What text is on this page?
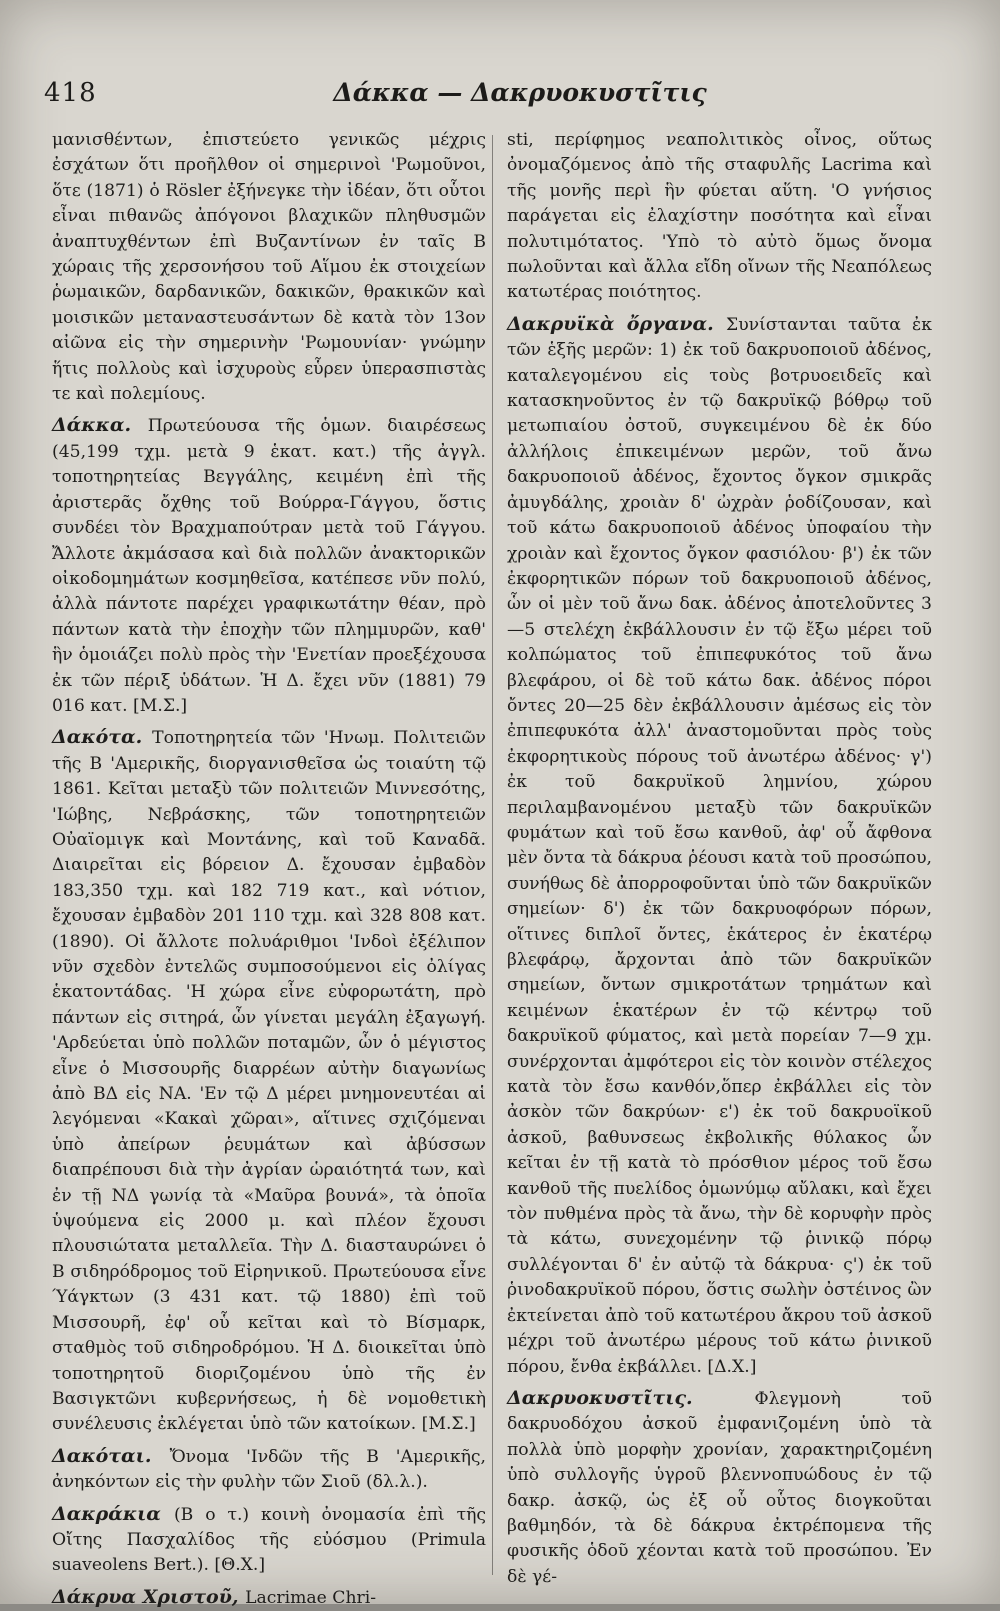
418	Δάκκα — Δακρυοκυστῖτις

μανισθέντων, ἐπιστεύετο γενικῶς μέχρις ἐσχάτων ὅτι προῆλθον οἱ σημερινοὶ 'Ρωμοῦνοι, ὅτε (1871) ὁ Rösler ἐξήνεγκε τὴν ἰδέαν, ὅτι οὗτοι εἶναι πιθανῶς ἀπόγονοι βλαχικῶν πληθυσμῶν ἀναπτυχθέντων ἐπὶ Βυζαντίνων ἐν ταῖς Β χώραις τῆς χερσονήσου τοῦ Αἵμου ἐκ στοιχείων ῥωμαικῶν, δαρδανικῶν, δακικῶν, θρακικῶν καὶ μοισικῶν μεταναστευσάντων δὲ κατὰ τὸν 13ον αἰῶνα εἰς τὴν σημερινὴν 'Ρωμουνίαν· γνώμην ἥτις πολλοὺς καὶ ἰσχυροὺς εὗρεν ὑπερασπιστὰς τε καὶ πολεμίους.

Δάκκα. Πρωτεύουσα τῆς ὁμων. διαιρέσεως (45,199 τχμ. μετὰ 9 ἑκατ. κατ.) τῆς ἀγγλ. τοποτηρητείας Βεγγάλης, κειμένη ἐπὶ τῆς ἀριστερᾶς ὄχθης τοῦ Βούρρα-Γάγγου, ὅστις συνδέει τὸν Βραχμαπούτραν μετὰ τοῦ Γάγγου. Ἄλλοτε ἀκμάσασα καὶ διὰ πολλῶν ἀνακτορικῶν οἰκοδομημάτων κοσμηθεῖσα, κατέπεσε νῦν πολύ, ἀλλὰ πάντοτε παρέχει γραφικωτάτην θέαν, πρὸ πάντων κατὰ τὴν ἐποχὴν τῶν πλημμυρῶν, καθ' ἣν ὁμοιάζει πολὺ πρὸς τὴν 'Ενετίαν προεξέχουσα ἐκ τῶν πέριξ ὑδάτων. Ἡ Δ. ἔχει νῦν (1881) 79 016 κατ. [Μ.Σ.]

Δακότα. Τοποτηρητεία τῶν 'Ηνωμ. Πολιτειῶν τῆς Β 'Αμερικῆς, διοργανισθεῖσα ὡς τοιαύτη τῷ 1861. Κεῖται μεταξὺ τῶν πολιτειῶν Μιννεσότης, 'Ιώβης, Νεβράσκης, τῶν τοποτηρητειῶν Οὐαϊομιγκ καὶ Μοντάνης, καὶ τοῦ Καναδᾶ. Διαιρεῖται εἰς βόρειον Δ. ἔχουσαν ἐμβαδὸν 183,350 τχμ. καὶ 182 719 κατ., καὶ νότιον, ἔχουσαν ἐμβαδὸν 201 110 τχμ. καὶ 328 808 κατ. (1890). Οἱ ἄλλοτε πολυάριθμοι 'Ινδοὶ ἐξέλιπον νῦν σχεδὸν ἐντελῶς συμποσούμενοι εἰς ὀλίγας ἑκατοντάδας. 'Η χώρα εἶνε εὐφορωτάτη, πρὸ πάντων εἰς σιτηρά, ὧν γίνεται μεγάλη ἐξαγωγή. 'Αρδεύεται ὑπὸ πολλῶν ποταμῶν, ὧν ὁ μέγιστος εἶνε ὁ Μισσουρῆς διαρρέων αὐτὴν διαγωνίως ἀπὸ ΒΔ εἰς ΝΑ. 'Εν τῷ Δ μέρει μνημονευτέαι αἱ λεγόμεναι «Κακαὶ χῶραι», αἵτινες σχιζόμεναι ὑπὸ ἀπείρων ῥευμάτων καὶ ἀβύσσων διαπρέπουσι διὰ τὴν ἀγρίαν ὡραιότητά των, καὶ ἐν τῇ ΝΔ γωνίᾳ τὰ «Μαῦρα βουνά», τὰ ὁποῖα ὑψούμενα εἰς 2000 μ. καὶ πλέον ἔχουσι πλουσιώτατα μεταλλεῖα. Τὴν Δ. διασταυρώνει ὁ Β σιδηρόδρομος τοῦ Εἰρηνικοῦ. Πρωτεύουσα εἶνε Ύάγκτων (3 431 κατ. τῷ 1880) ἐπὶ τοῦ Μισσουρῆ, ἐφ' οὗ κεῖται καὶ τὸ Βίσμαρκ, σταθμὸς τοῦ σιδηροδρόμου. Ἡ Δ. διοικεῖται ὑπὸ τοποτηρητοῦ διοριζομένου ὑπὸ τῆς ἐν Βασιγκτῶνι κυβερνήσεως, ἡ δὲ νομοθετικὴ συνέλευσις ἐκλέγεται ὑπὸ τῶν κατοίκων. [Μ.Σ.]

Δακόται. Ὄνομα 'Ινδῶν τῆς Β 'Αμερικῆς, ἀνηκόντων εἰς τὴν φυλὴν τῶν Σιοῦ (δλ.λ.).

Δακράκια (Β ο τ.) κοινὴ ὀνομασία ἐπὶ τῆς Οἴτης Πασχαλίδος τῆς εὐόσμου (Primula suaveolens Bert.). [Θ.Χ.]

Δάκρυα Χριστοῦ, Lacrimae Chri-

sti, περίφημος νεαπολιτικὸς οἶνος, οὕτως ὀνομαζόμενος ἀπὸ τῆς σταφυλῆς Lacrima καὶ τῆς μονῆς περὶ ἣν φύεται αὕτη. 'Ο γνήσιος παράγεται εἰς ἐλαχίστην ποσότητα καὶ εἶναι πολυτιμότατος. 'Υπὸ τὸ αὐτὸ ὅμως ὄνομα πωλοῦνται καὶ ἄλλα εἴδη οἴνων τῆς Νεαπόλεως κατωτέρας ποιότητος.

Δακρυϊκὰ ὄργανα. Συνίστανται ταῦτα ἐκ τῶν ἑξῆς μερῶν: 1) ἐκ τοῦ δακρυοποιοῦ ἀδένος, καταλεγομένου εἰς τοὺς βοτρυοειδεῖς καὶ κατασκηνοῦντος ἐν τῷ δακρυϊκῷ βόθρῳ τοῦ μετωπιαίου ὀστοῦ, συγκειμένου δὲ ἐκ δύο ἀλλήλοις ἐπικειμένων μερῶν, τοῦ ἄνω δακρυοποιοῦ ἀδένος, ἔχοντος ὄγκον σμικρᾶς ἀμυγδάλης, χροιὰν δ' ὠχρὰν ῥοδίζουσαν, καὶ τοῦ κάτω δακρυοποιοῦ ἀδένος ὑποφαίου τὴν χροιὰν καὶ ἔχοντος ὄγκον φασιόλου· β') ἐκ τῶν ἐκφορητικῶν πόρων τοῦ δακρυοποιοῦ ἀδένος, ὧν οἱ μὲν τοῦ ἄνω δακ. ἀδένος ἀποτελοῦντες 3—5 στελέχη ἐκβάλλουσιν ἐν τῷ ἔξω μέρει τοῦ κολπώματος τοῦ ἐπιπεφυκότος τοῦ ἄνω βλεφάρου, οἱ δὲ τοῦ κάτω δακ. ἀδένος πόροι ὄντες 20—25 δὲν ἐκβάλλουσιν ἀμέσως εἰς τὸν ἐπιπεφυκότα ἀλλ' ἀναστομοῦνται πρὸς τοὺς ἐκφορητικοὺς πόρους τοῦ ἀνωτέρω ἀδένος· γ') ἐκ τοῦ δακρυϊκοῦ λημνίου, χώρου περιλαμβανομένου μεταξὺ τῶν δακρυϊκῶν φυμάτων καὶ τοῦ ἔσω κανθοῦ, ἀφ' οὗ ἄφθονα μὲν ὄντα τὰ δάκρυα ῥέουσι κατὰ τοῦ προσώπου, συνήθως δὲ ἀπορροφοῦνται ὑπὸ τῶν δακρυϊκῶν σημείων· δ') ἐκ τῶν δακρυοφόρων πόρων, οἵτινες διπλοῖ ὄντες, ἑκάτερος ἐν ἑκατέρῳ βλεφάρῳ, ἄρχονται ἀπὸ τῶν δακρυϊκῶν σημείων, ὄντων σμικροτάτων τρημάτων καὶ κειμένων ἑκατέρων ἐν τῷ κέντρῳ τοῦ δακρυϊκοῦ φύματος, καὶ μετὰ πορείαν 7—9 χμ. συνέρχονται ἀμφότεροι εἰς τὸν κοινὸν στέλεχος κατὰ τὸν ἔσω κανθόν,ὅπερ ἐκβάλλει εἰς τὸν ἀσκὸν τῶν δακρύων· ε') ἐκ τοῦ δακρυοϊκοῦ ἀσκοῦ, βαθυνσεως ἐκβολικῆς θύλακος ὧν κεῖται ἐν τῇ κατὰ τὸ πρόσθιον μέρος τοῦ ἔσω κανθοῦ τῆς πυελίδος ὁμωνύμῳ αὔλακι, καὶ ἔχει τὸν πυθμένα πρὸς τὰ ἄνω, τὴν δὲ κορυφὴν πρὸς τὰ κάτω, συνεχομένην τῷ ῥινικῷ πόρῳ συλλέγονται δ' ἐν αὐτῷ τὰ δάκρυα· ς') ἐκ τοῦ ῥινοδακρυϊκοῦ πόρου, ὅστις σωλὴν ὀστέινος ὢν ἐκτείνεται ἀπὸ τοῦ κατωτέρου ἄκρου τοῦ ἀσκοῦ μέχρι τοῦ ἀνωτέρω μέρους τοῦ κάτω ῥινικοῦ πόρου, ἔνθα ἐκβάλλει. [Δ.Χ.]

Δακρυοκυστῖτις. Φλεγμονὴ τοῦ δακρυοδόχου ἀσκοῦ ἐμφανιζομένη ὑπὸ τὰ πολλὰ ὑπὸ μορφὴν χρονίαν, χαρακτηριζομένη ὑπὸ συλλογῆς ὑγροῦ βλεννοπυώδους ἐν τῷ δακρ. ἀσκῷ, ὡς ἐξ οὗ οὗτος διογκοῦται βαθμηδόν, τὰ δὲ δάκρυα ἐκτρέπομενα τῆς φυσικῆς ὁδοῦ χέονται κατὰ τοῦ προσώπου. Ἐν δὲ γέ-
